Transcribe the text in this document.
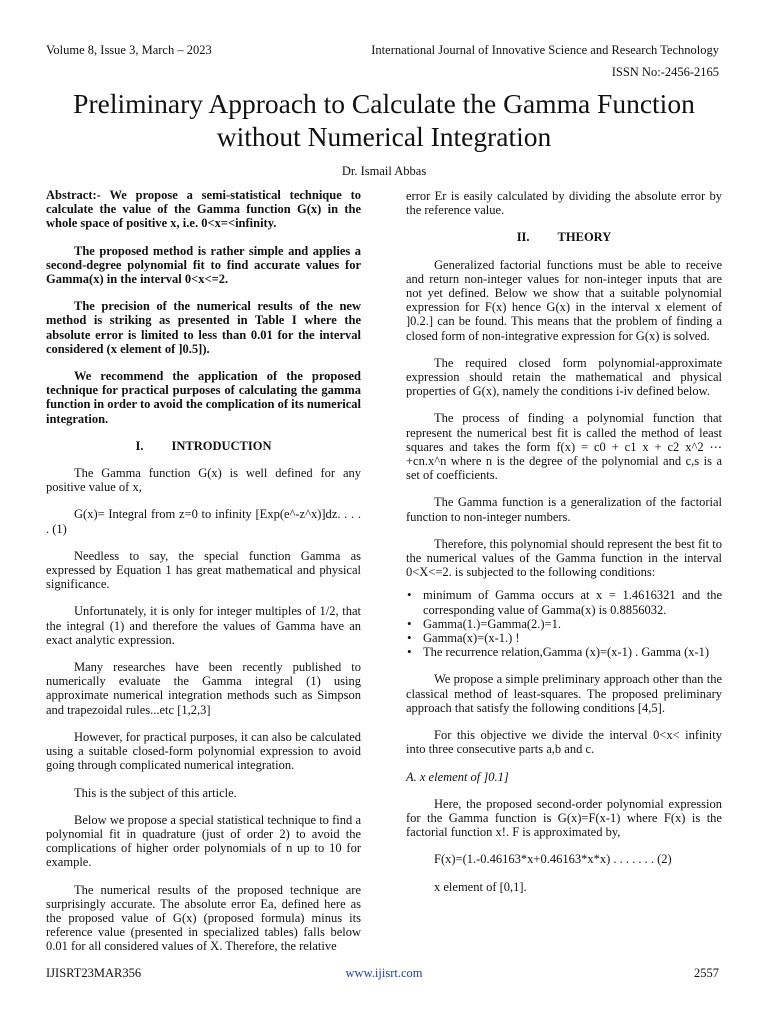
Volume 8, Issue 3, March – 2023	International Journal of Innovative Science and Research Technology
ISSN No:-2456-2165
Preliminary Approach to Calculate the Gamma Function without Numerical Integration
Dr. Ismail Abbas

Abstract:- We propose a semi-statistical technique to calculate the value of the Gamma function G(x) in the whole space of positive x, i.e. 0<x=<infinity.

The proposed method is rather simple and applies a second-degree polynomial fit to find accurate values for Gamma(x) in the interval 0<x<=2.

The precision of the numerical results of the new method is striking as presented in Table I where the absolute error is limited to less than 0.01 for the interval considered (x element of ]0.5]).

We recommend the application of the proposed technique for practical purposes of calculating the gamma function in order to avoid the complication of its numerical integration.

I. INTRODUCTION

The Gamma function G(x) is well defined for any positive value of x,

G(x)= Integral from z=0 to infinity [Exp(e^-z^x)]dz. . . . . (1)

Needless to say, the special function Gamma as expressed by Equation 1 has great mathematical and physical significance.

Unfortunately, it is only for integer multiples of 1/2, that the integral (1) and therefore the values of Gamma have an exact analytic expression.

Many researches have been recently published to numerically evaluate the Gamma integral (1) using approximate numerical integration methods such as Simpson and trapezoidal rules...etc [1,2,3]

However, for practical purposes, it can also be calculated using a suitable closed-form polynomial expression to avoid going through complicated numerical integration.

This is the subject of this article.

Below we propose a special statistical technique to find a polynomial fit in quadrature (just of order 2) to avoid the complications of higher order polynomials of n up to 10 for example.

The numerical results of the proposed technique are surprisingly accurate. The absolute error Ea, defined here as the proposed value of G(x) (proposed formula) minus its reference value (presented in specialized tables) falls below 0.01 for all considered values of X. Therefore, the relative

error Er is easily calculated by dividing the absolute error by the reference value.

II. THEORY

Generalized factorial functions must be able to receive and return non-integer values for non-integer inputs that are not yet defined. Below we show that a suitable polynomial expression for F(x) hence G(x) in the interval x element of ]0.2.] can be found. This means that the problem of finding a closed form of non-integrative expression for G(x) is solved.

The required closed form polynomial-approximate expression should retain the mathematical and physical properties of G(x), namely the conditions i-iv defined below.

The process of finding a polynomial function that represent the numerical best fit is called the method of least squares and takes the form f(x) = c0 + c1 x + c2 x^2 ⋯ +cn.x^n where n is the degree of the polynomial and c,s is a set of coefficients.

The Gamma function is a generalization of the factorial function to non-integer numbers.

Therefore, this polynomial should represent the best fit to the numerical values of the Gamma function in the interval 0<X<=2. is subjected to the following conditions:

• minimum of Gamma occurs at x = 1.4616321 and the corresponding value of Gamma(x) is 0.8856032.
• Gamma(1.)=Gamma(2.)=1.
• Gamma(x)=(x-1.) !
• The recurrence relation,Gamma (x)=(x-1) . Gamma (x-1)

We propose a simple preliminary approach other than the classical method of least-squares. The proposed preliminary approach that satisfy the following conditions [4,5].

For this objective we divide the interval 0<x< infinity into three consecutive parts a,b and c.

A. x element of ]0.1]

Here, the proposed second-order polynomial expression for the Gamma function is G(x)=F(x-1) where F(x) is the factorial function x!. F is approximated by,

F(x)=(1.-0.46163*x+0.46163*x*x) . . . . . . . (2)

x element of [0,1].

IJISRT23MAR356	www.ijisrt.com	2557
